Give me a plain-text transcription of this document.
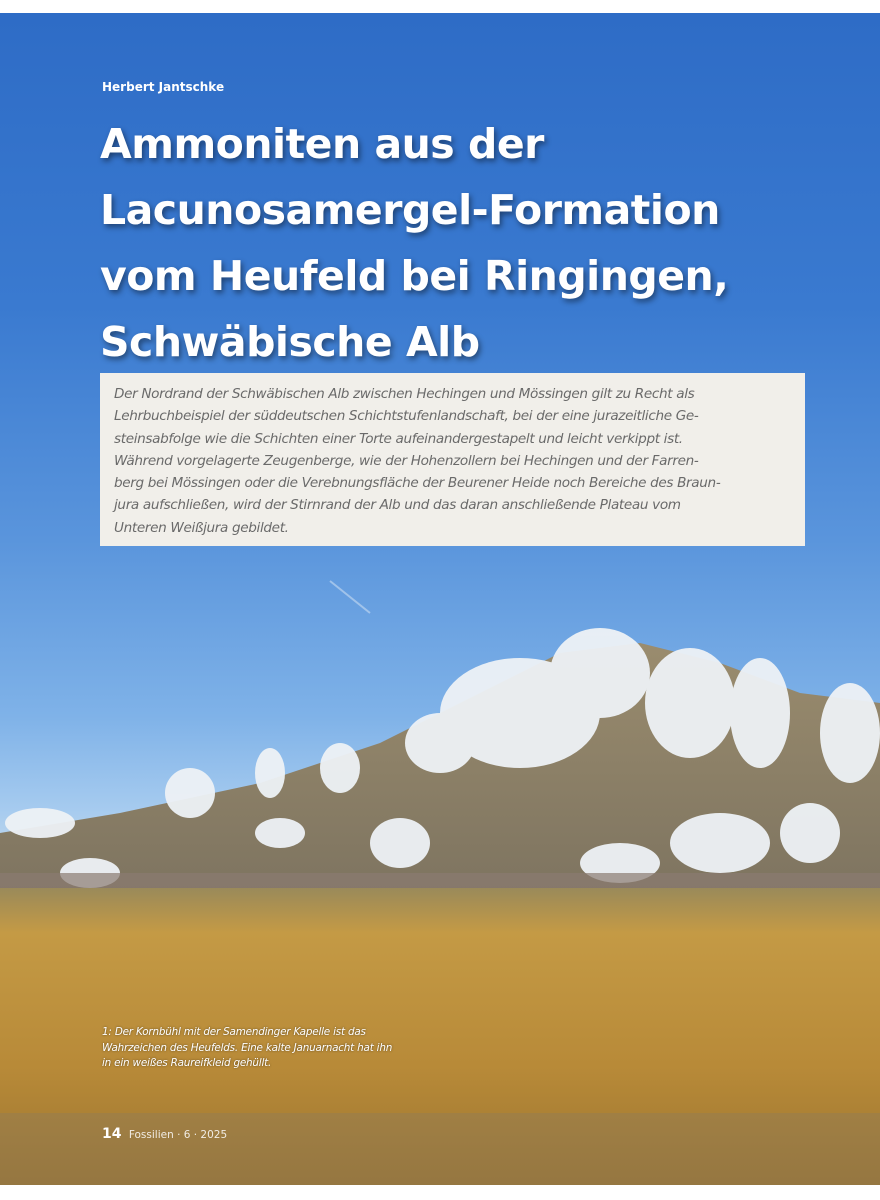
Herbert Jantschke
Ammoniten aus der
Lacunosamergel-Formation
vom Heufeld bei Ringingen,
Schwäbische Alb
Der Nordrand der Schwäbischen Alb zwischen Hechingen und Mössingen gilt zu Recht als
Lehrbuchbeispiel der süddeutschen Schichtstufenlandschaft, bei der eine jurazeitliche Ge-
steinsabfolge wie die Schichten einer Torte aufeinandergestapelt und leicht verkippt ist.
Während vorgelagerte Zeugenberge, wie der Hohenzollern bei Hechingen und der Farren-
berg bei Mössingen oder die Verebnungsfläche der Beurener Heide noch Bereiche des Braun-
jura aufschließen, wird der Stirnrand der Alb und das daran anschließende Plateau vom
Unteren Weißjura gebildet.
1: Der Kornbühl mit der Samendinger Kapelle ist das
Wahrzeichen des Heufelds. Eine kalte Januarnacht hat ihn
in ein weißes Raureifkleid gehüllt.
14 Fossilien · 6 · 2025
